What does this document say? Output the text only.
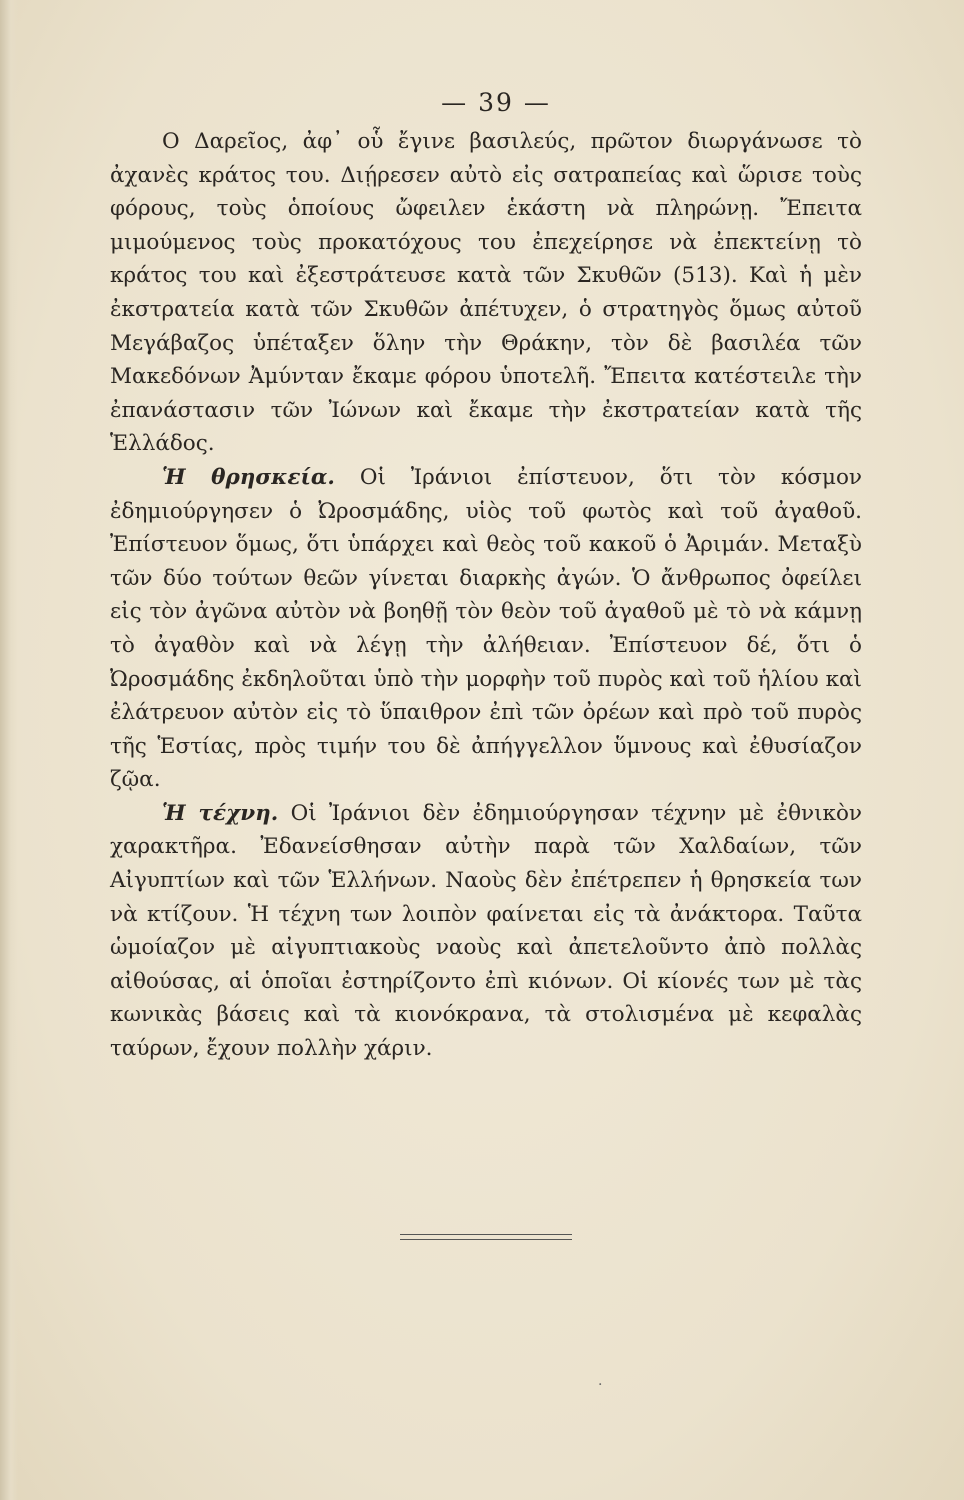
— 39 —

Ο Δαρεῖος, ἀφ᾽ οὗ ἔγινε βασιλεύς, πρῶτον διωργάνωσε τὸ ἀχανὲς κράτος του. Διῄρεσεν αὐτὸ εἰς σατραπείας καὶ ὥρισε τοὺς φόρους, τοὺς ὁποίους ὤφειλεν ἑκάστη νὰ πληρώνῃ. Ἔπειτα μιμούμενος τοὺς προκατόχους του ἐπεχείρησε νὰ ἐπεκτείνῃ τὸ κράτος του καὶ ἐξεστράτευσε κατὰ τῶν Σκυθῶν (513). Καὶ ἡ μὲν ἐκστρατεία κατὰ τῶν Σκυθῶν ἀπέτυχεν, ὁ στρατηγὸς ὅμως αὐτοῦ Μεγάβαζος ὑπέταξεν ὅλην τὴν Θράκην, τὸν δὲ βασιλέα τῶν Μακεδόνων Ἀμύνταν ἔκαμε φόρου ὑποτελῆ. Ἔπειτα κατέστειλε τὴν ἐπανάστασιν τῶν Ἰώνων καὶ ἔκαμε τὴν ἐκστρατείαν κατὰ τῆς Ἑλλάδος.

Ἡ θρησκεία. Οἱ Ἰράνιοι ἐπίστευον, ὅτι τὸν κόσμον ἐδημιούργησεν ὁ Ὠροσμάδης, υἱὸς τοῦ φωτὸς καὶ τοῦ ἀγαθοῦ. Ἐπίστευον ὅμως, ὅτι ὑπάρχει καὶ θεὸς τοῦ κακοῦ ὁ Ἀριμάν. Μεταξὺ τῶν δύο τούτων θεῶν γίνεται διαρκὴς ἀγών. Ὁ ἄνθρωπος ὀφείλει εἰς τὸν ἀγῶνα αὐτὸν νὰ βοηθῇ τὸν θεὸν τοῦ ἀγαθοῦ μὲ τὸ νὰ κάμνῃ τὸ ἀγαθὸν καὶ νὰ λέγῃ τὴν ἀλήθειαν. Ἐπίστευον δέ, ὅτι ὁ Ὠροσμάδης ἐκδηλοῦται ὑπὸ τὴν μορφὴν τοῦ πυρὸς καὶ τοῦ ἡλίου καὶ ἐλάτρευον αὐτὸν εἰς τὸ ὕπαιθρον ἐπὶ τῶν ὀρέων καὶ πρὸ τοῦ πυρὸς τῆς Ἑστίας, πρὸς τιμήν του δὲ ἀπήγγελλον ὕμνους καὶ ἐθυσίαζον ζῷα.

Ἡ τέχνη. Οἱ Ἰράνιοι δὲν ἐδημιούργησαν τέχνην μὲ ἐθνικὸν χαρακτῆρα. Ἐδανείσθησαν αὐτὴν παρὰ τῶν Χαλδαίων, τῶν Αἰγυπτίων καὶ τῶν Ἑλλήνων. Ναοὺς δὲν ἐπέτρεπεν ἡ θρησκεία των νὰ κτίζουν. Ἡ τέχνη των λοιπὸν φαίνεται εἰς τὰ ἀνάκτορα. Ταῦτα ὡμοίαζον μὲ αἰγυπτιακοὺς ναοὺς καὶ ἀπετελοῦντο ἀπὸ πολλὰς αἰθούσας, αἱ ὁποῖαι ἐστηρίζοντο ἐπὶ κιόνων. Οἱ κίονές των μὲ τὰς κωνικὰς βάσεις καὶ τὰ κιονόκρανα, τὰ στολισμένα μὲ κεφαλὰς ταύρων, ἔχουν πολλὴν χάριν.

·
